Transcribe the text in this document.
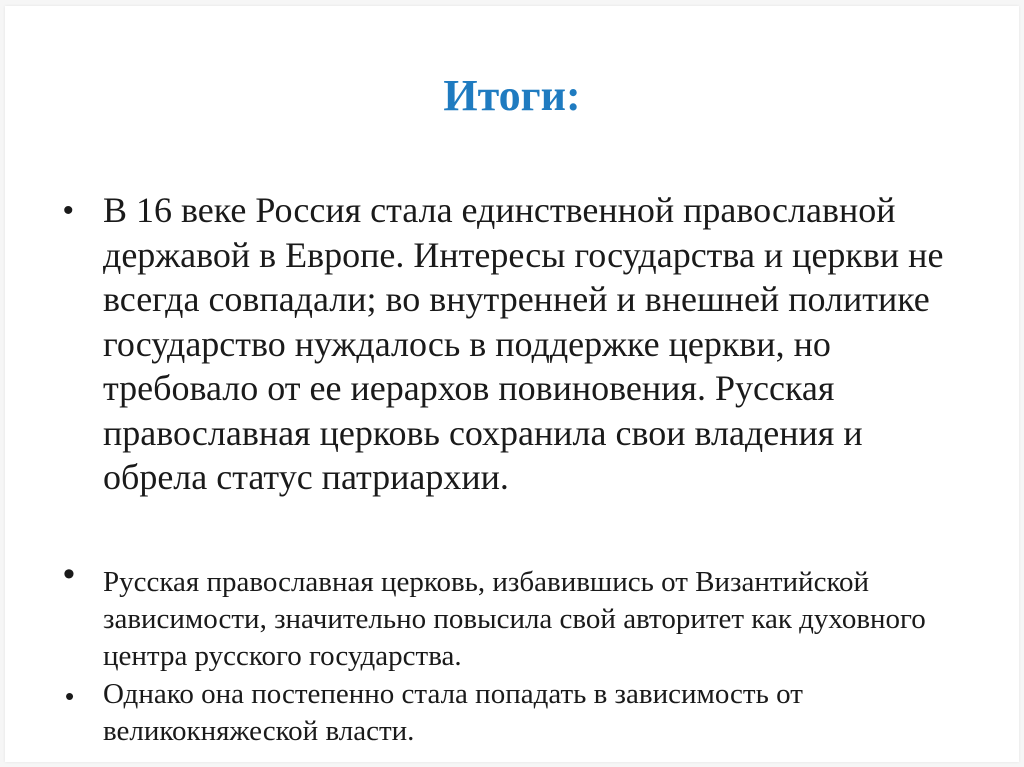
Итоги:
• В 16 веке Россия стала единственной православной державой в Европе. Интересы государства и церкви не всегда совпадали; во внутренней и внешней политике государство нуждалось в поддержке церкви, но требовало от ее иерархов повиновения. Русская православная церковь сохранила свои владения и обрела статус патриархии.
• Русская православная церковь, избавившись от Византийской зависимости, значительно повысила свой авторитет как духовного центра русского государства.
• Однако она постепенно стала попадать в зависимость от великокняжеской власти.
